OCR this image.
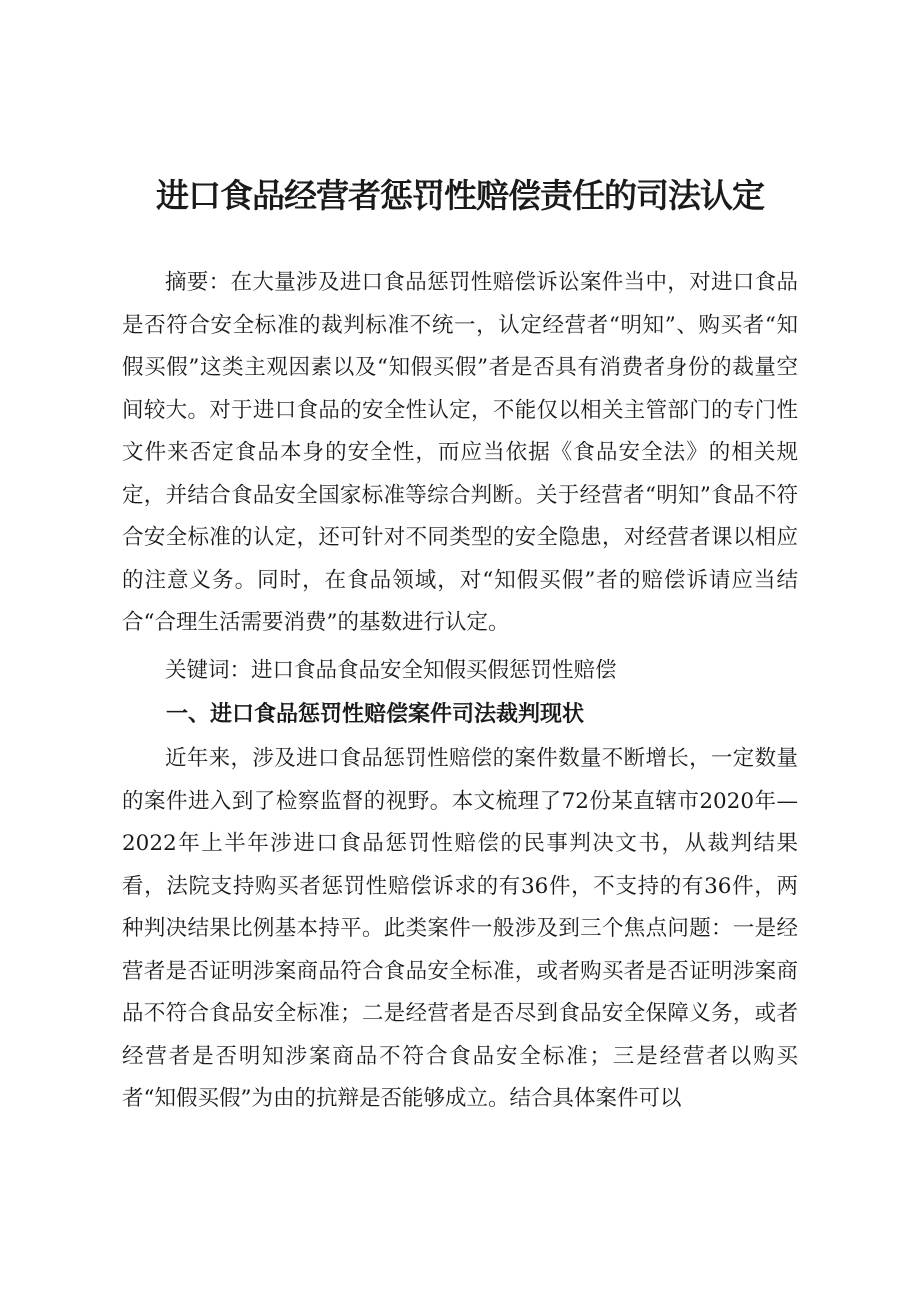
进口食品经营者惩罚性赔偿责任的司法认定

摘要：在大量涉及进口食品惩罚性赔偿诉讼案件当中，对进口食品是否符合安全标准的裁判标准不统一，认定经营者“明知”、购买者“知假买假”这类主观因素以及“知假买假”者是否具有消费者身份的裁量空间较大。对于进口食品的安全性认定，不能仅以相关主管部门的专门性文件来否定食品本身的安全性，而应当依据《食品安全法》的相关规定，并结合食品安全国家标准等综合判断。关于经营者“明知”食品不符合安全标准的认定，还可针对不同类型的安全隐患，对经营者课以相应的注意义务。同时，在食品领域，对“知假买假”者的赔偿诉请应当结合“合理生活需要消费”的基数进行认定。

关键词：进口食品食品安全知假买假惩罚性赔偿

一、进口食品惩罚性赔偿案件司法裁判现状

近年来，涉及进口食品惩罚性赔偿的案件数量不断增长，一定数量的案件进入到了检察监督的视野。本文梳理了72份某直辖市2020年—2022年上半年涉进口食品惩罚性赔偿的民事判决文书，从裁判结果看，法院支持购买者惩罚性赔偿诉求的有36件，不支持的有36件，两种判决结果比例基本持平。此类案件一般涉及到三个焦点问题：一是经营者是否证明涉案商品符合食品安全标准，或者购买者是否证明涉案商品不符合食品安全标准；二是经营者是否尽到食品安全保障义务，或者经营者是否明知涉案商品不符合食品安全标准；三是经营者以购买者“知假买假”为由的抗辩是否能够成立。结合具体案件可以
